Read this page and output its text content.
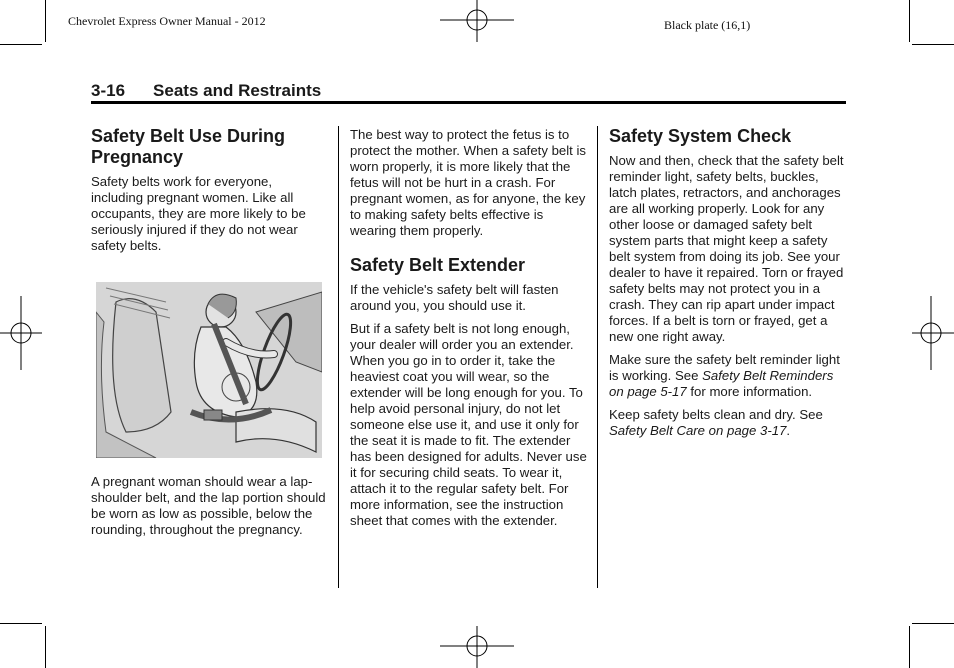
Chevrolet Express Owner Manual - 2012	Black plate (16,1)
3-16 Seats and Restraints
Safety Belt Use During Pregnancy

Safety belts work for everyone, including pregnant women. Like all occupants, they are more likely to be seriously injured if they do not wear safety belts.

A pregnant woman should wear a lap-shoulder belt, and the lap portion should be worn as low as possible, below the rounding, throughout the pregnancy.

The best way to protect the fetus is to protect the mother. When a safety belt is worn properly, it is more likely that the fetus will not be hurt in a crash. For pregnant women, as for anyone, the key to making safety belts effective is wearing them properly.

Safety Belt Extender

If the vehicle's safety belt will fasten around you, you should use it.

But if a safety belt is not long enough, your dealer will order you an extender. When you go in to order it, take the heaviest coat you will wear, so the extender will be long enough for you. To help avoid personal injury, do not let someone else use it, and use it only for the seat it is made to fit. The extender has been designed for adults. Never use it for securing child seats. To wear it, attach it to the regular safety belt. For more information, see the instruction sheet that comes with the extender.

Safety System Check

Now and then, check that the safety belt reminder light, safety belts, buckles, latch plates, retractors, and anchorages are all working properly. Look for any other loose or damaged safety belt system parts that might keep a safety belt system from doing its job. See your dealer to have it repaired. Torn or frayed safety belts may not protect you in a crash. They can rip apart under impact forces. If a belt is torn or frayed, get a new one right away.

Make sure the safety belt reminder light is working. See Safety Belt Reminders on page 5-17 for more information.

Keep safety belts clean and dry. See Safety Belt Care on page 3-17.
